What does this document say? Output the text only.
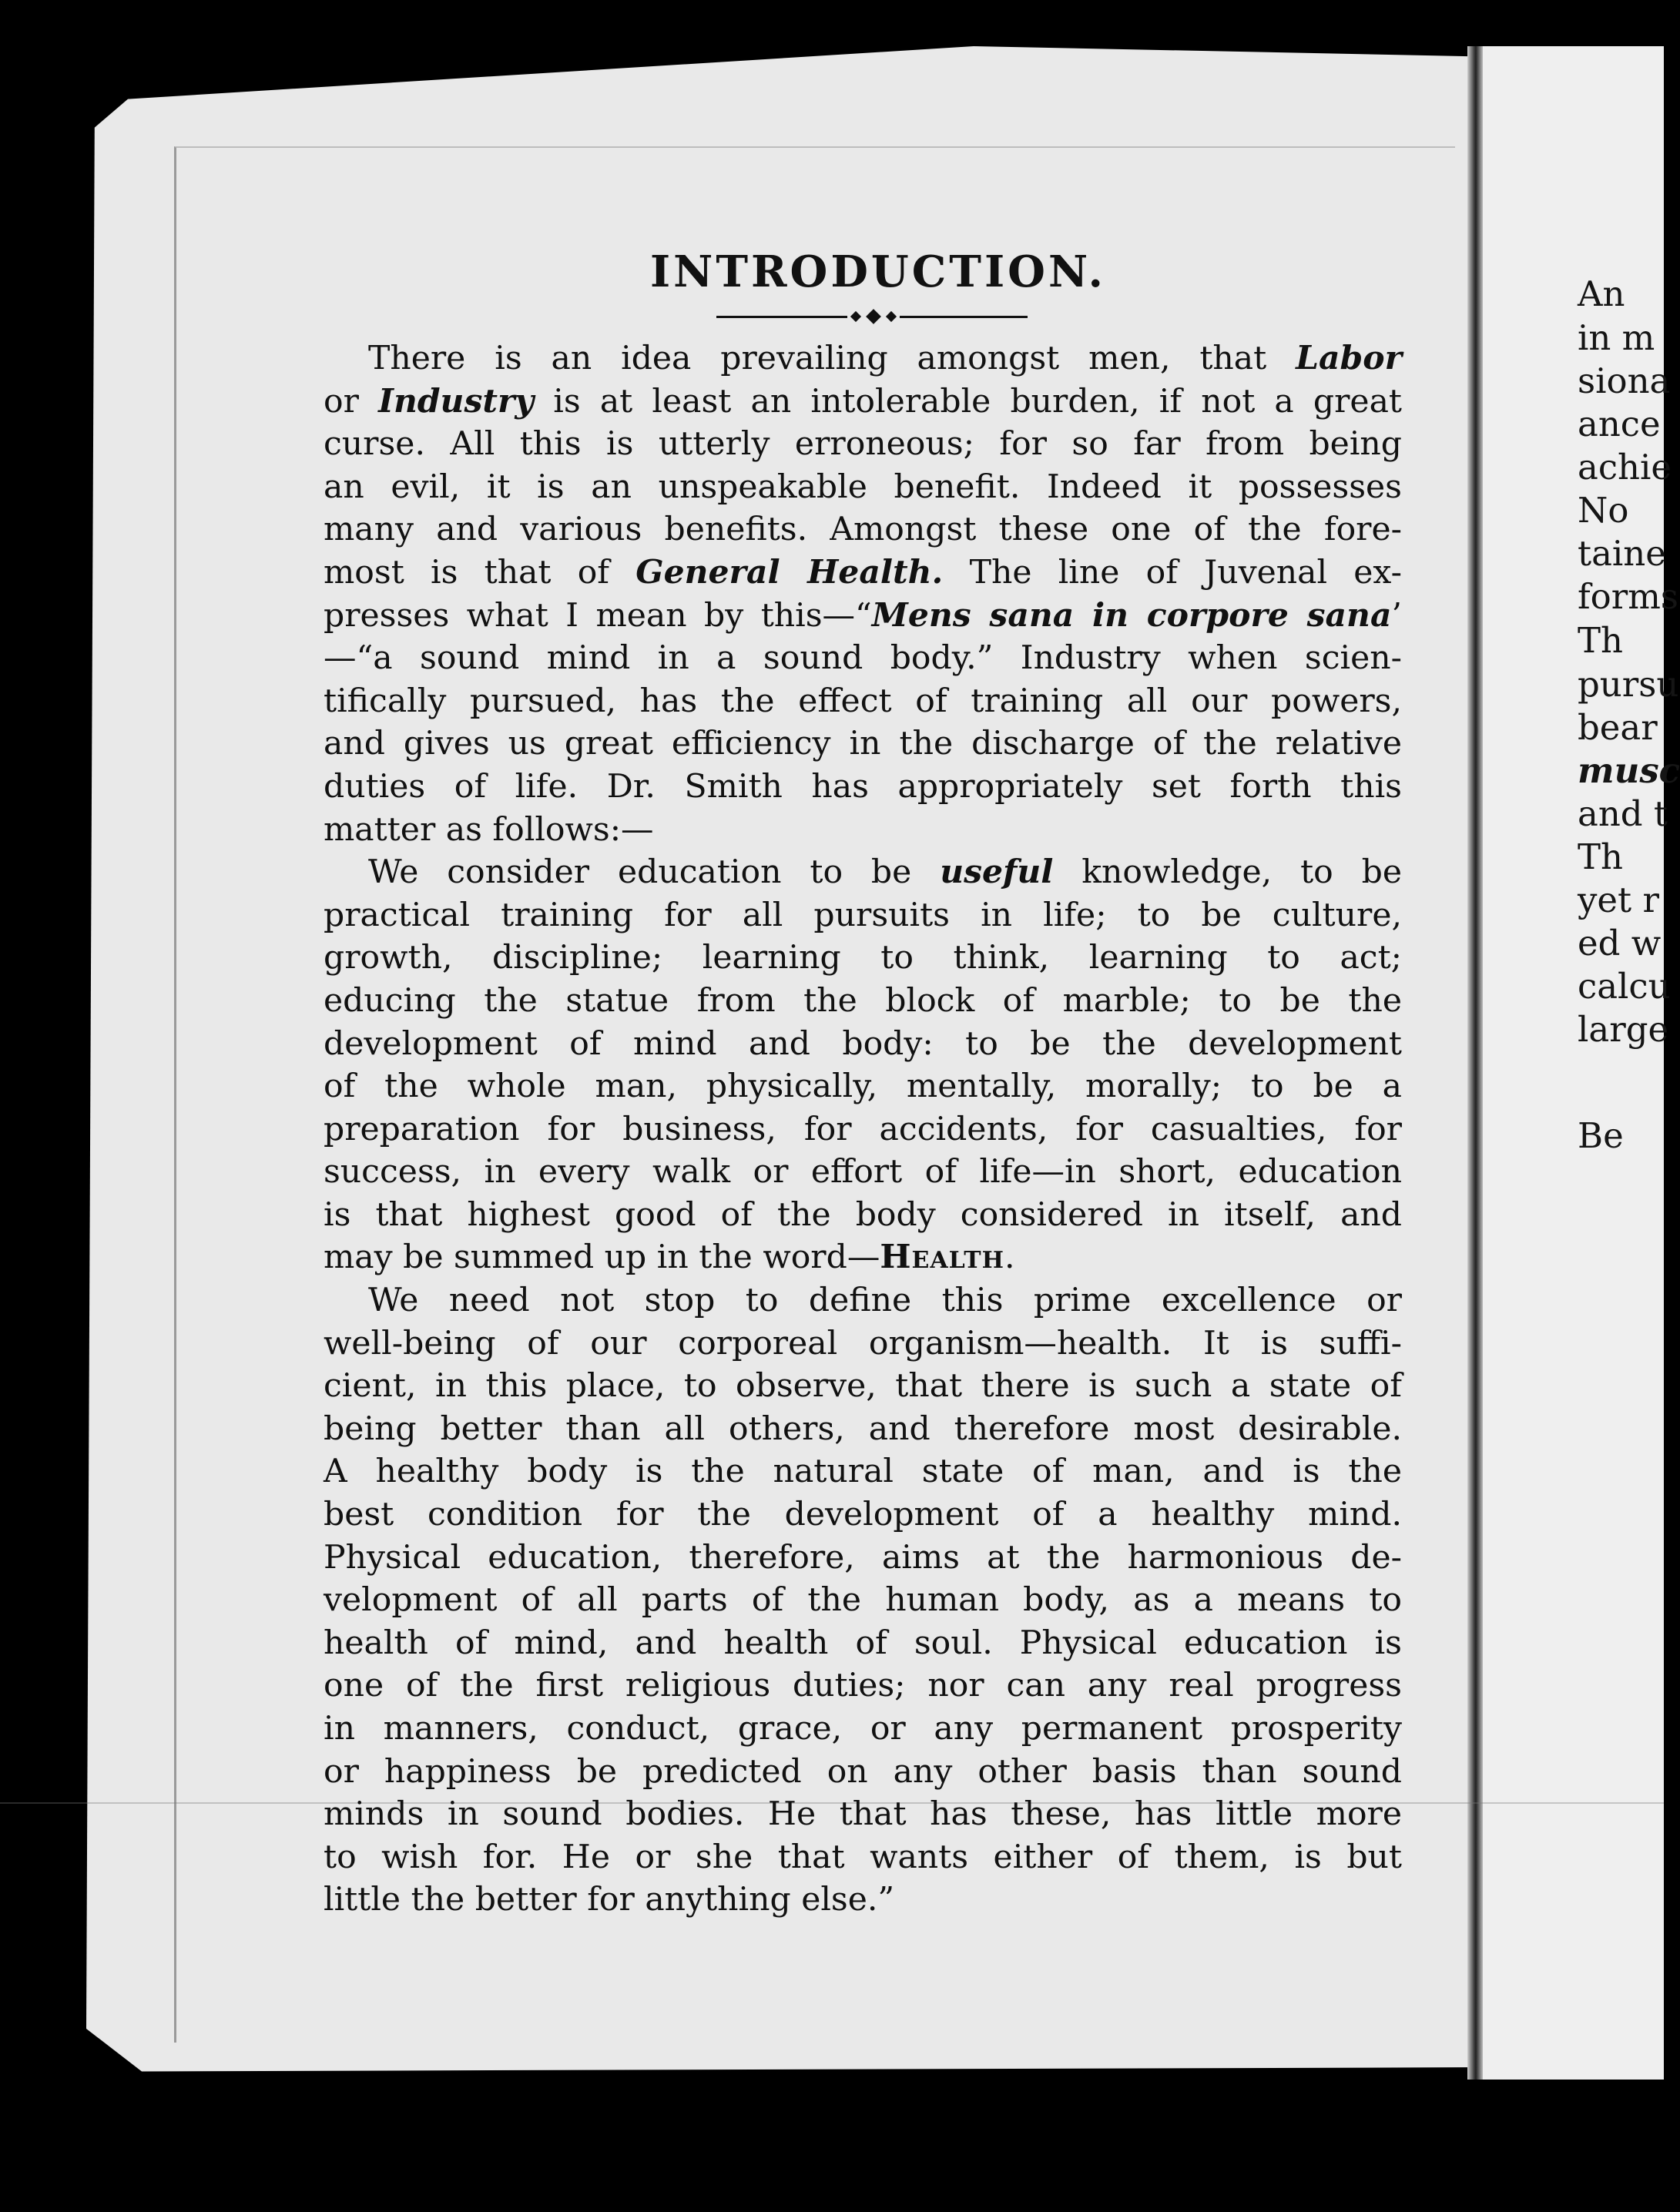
An
in m
siona
ance
achie
No
taine
forms
Th
pursu
bear
musc
and t
Th
yet r
ed w
calcu
large
Be
INTRODUCTION.
There is an idea prevailing amongst men, that Labor
or Industry is at least an intolerable burden, if not a great
curse. All this is utterly erroneous; for so far from being
an evil, it is an unspeakable benefit. Indeed it possesses
many and various benefits. Amongst these one of the fore-
most is that of General Health. The line of Juvenal ex-
presses what I mean by this—“Mens sana in corpore sana’
—“a sound mind in a sound body.” Industry when scien-
tifically pursued, has the effect of training all our powers,
and gives us great efficiency in the discharge of the relative
duties of life. Dr. Smith has appropriately set forth this
matter as follows:—
We consider education to be useful knowledge, to be
practical training for all pursuits in life; to be culture,
growth, discipline; learning to think, learning to act;
educing the statue from the block of marble; to be the
development of mind and body: to be the development
of the whole man, physically, mentally, morally; to be a
preparation for business, for accidents, for casualties, for
success, in every walk or effort of life—in short, education
is that highest good of the body considered in itself, and
may be summed up in the word—Health.
We need not stop to define this prime excellence or
well-being of our corporeal organism—health. It is suffi-
cient, in this place, to observe, that there is such a state of
being better than all others, and therefore most desirable.
A healthy body is the natural state of man, and is the
best condition for the development of a healthy mind.
Physical education, therefore, aims at the harmonious de-
velopment of all parts of the human body, as a means to
health of mind, and health of soul. Physical education is
one of the first religious duties; nor can any real progress
in manners, conduct, grace, or any permanent prosperity
or happiness be predicted on any other basis than sound
minds in sound bodies. He that has these, has little more
to wish for. He or she that wants either of them, is but
little the better for anything else.”
